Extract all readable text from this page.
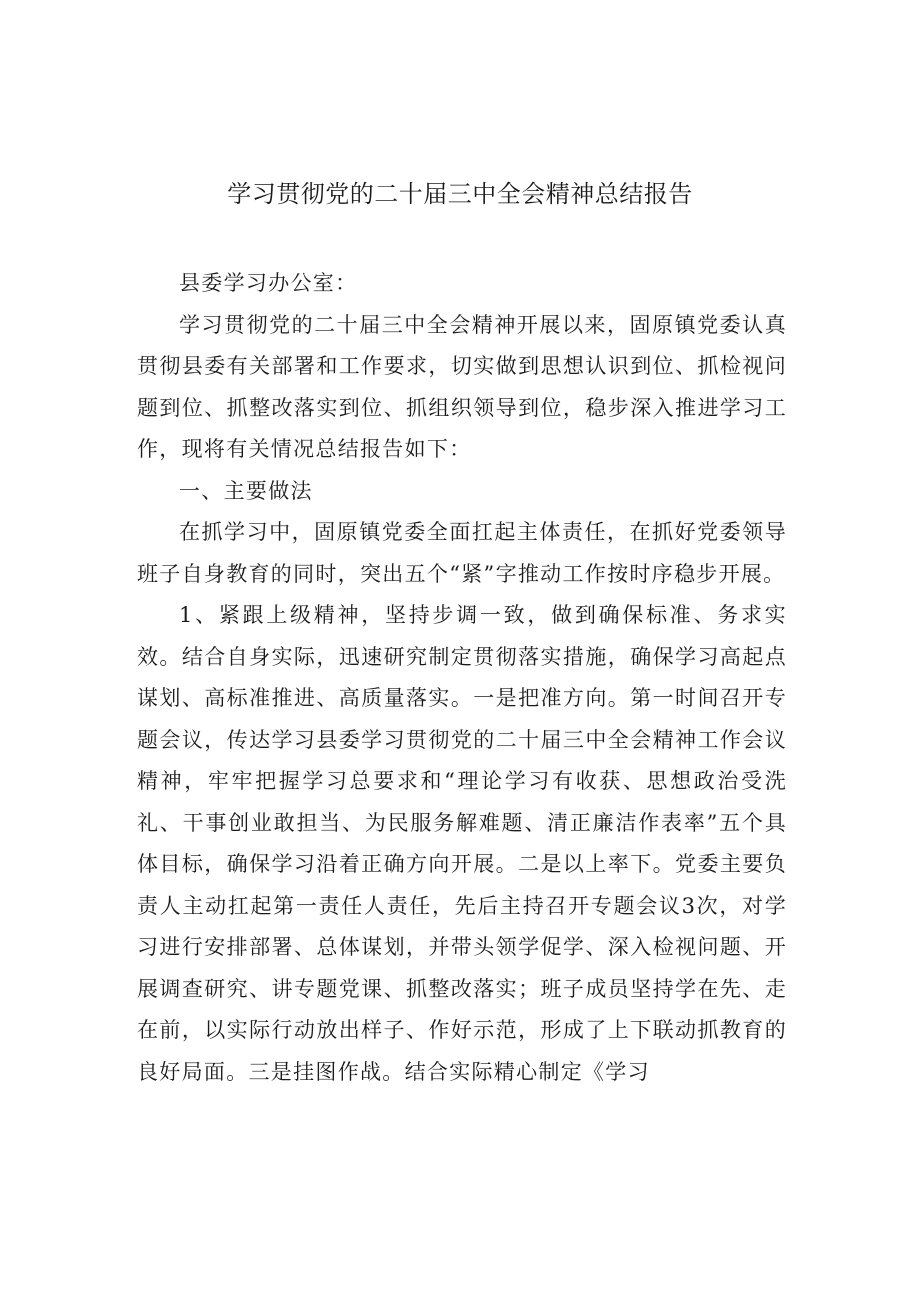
学习贯彻党的二十届三中全会精神总结报告

县委学习办公室：

学习贯彻党的二十届三中全会精神开展以来，固原镇党委认真贯彻县委有关部署和工作要求，切实做到思想认识到位、抓检视问题到位、抓整改落实到位、抓组织领导到位，稳步深入推进学习工作，现将有关情况总结报告如下：

一、主要做法

在抓学习中，固原镇党委全面扛起主体责任，在抓好党委领导班子自身教育的同时，突出五个“紧”字推动工作按时序稳步开展。

1、紧跟上级精神，坚持步调一致，做到确保标准、务求实效。结合自身实际，迅速研究制定贯彻落实措施，确保学习高起点谋划、高标准推进、高质量落实。一是把准方向。第一时间召开专题会议，传达学习县委学习贯彻党的二十届三中全会精神工作会议精神，牢牢把握学习总要求和“理论学习有收获、思想政治受洗礼、干事创业敢担当、为民服务解难题、清正廉洁作表率”五个具体目标，确保学习沿着正确方向开展。二是以上率下。党委主要负责人主动扛起第一责任人责任，先后主持召开专题会议3次，对学习进行安排部署、总体谋划，并带头领学促学、深入检视问题、开展调查研究、讲专题党课、抓整改落实；班子成员坚持学在先、走在前，以实际行动放出样子、作好示范，形成了上下联动抓教育的良好局面。三是挂图作战。结合实际精心制定《学习
